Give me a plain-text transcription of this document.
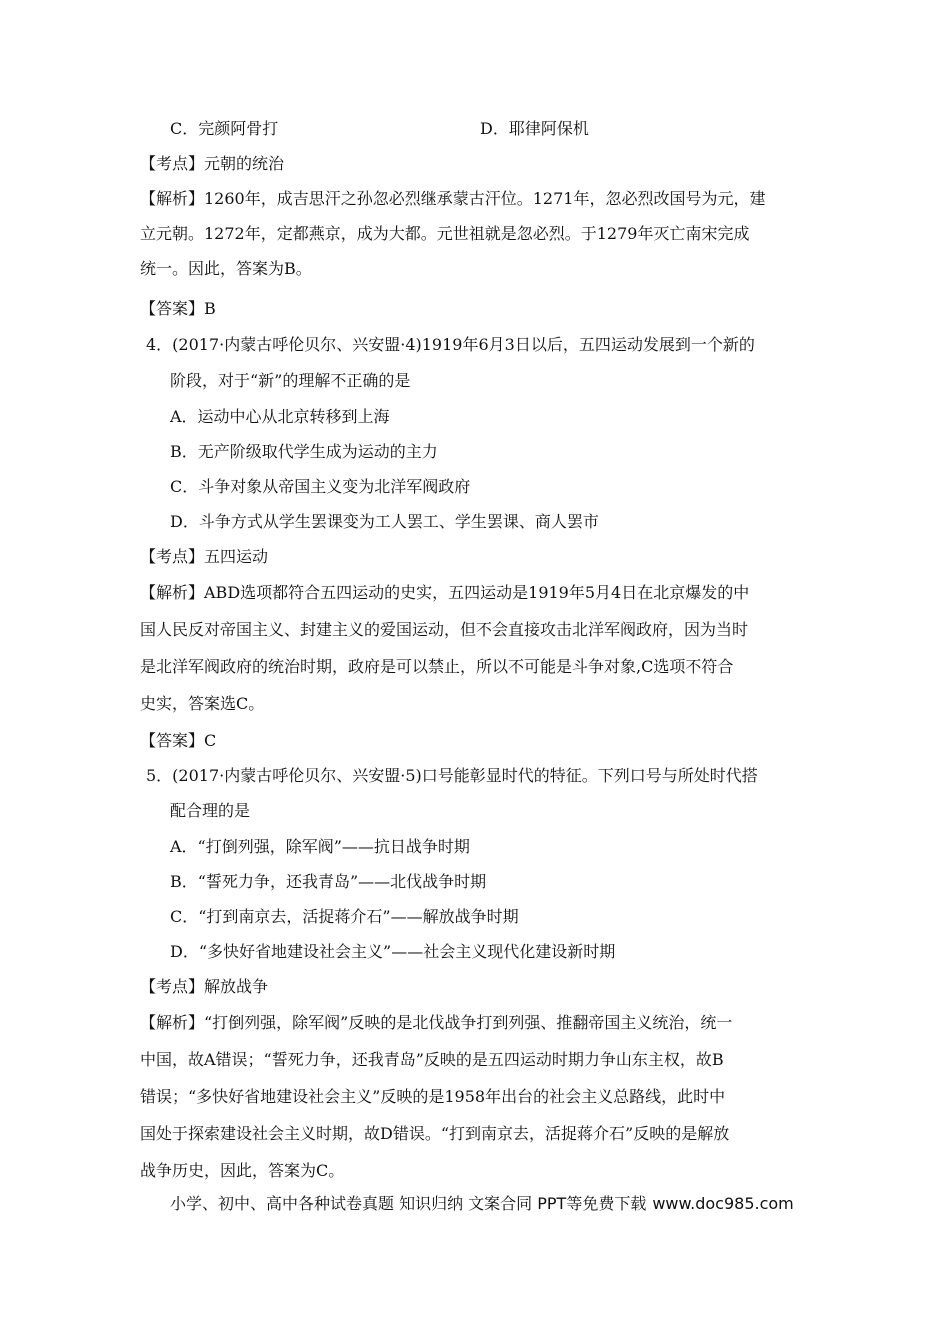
C．完颜阿骨打	D．耶律阿保机
【考点】元朝的统治
【解析】1260年，成吉思汗之孙忽必烈继承蒙古汗位。1271年，忽必烈改国号为元，建
立元朝。1272年，定都燕京，成为大都。元世祖就是忽必烈。于1279年灭亡南宋完成
统一。因此，答案为B。
【答案】B
4．(2017·内蒙古呼伦贝尔、兴安盟·4)1919年6月3日以后，五四运动发展到一个新的
阶段，对于“新”的理解不正确的是
A．运动中心从北京转移到上海
B．无产阶级取代学生成为运动的主力
C．斗争对象从帝国主义变为北洋军阀政府
D．斗争方式从学生罢课变为工人罢工、学生罢课、商人罢市
【考点】五四运动
【解析】ABD选项都符合五四运动的史实，五四运动是1919年5月4日在北京爆发的中
国人民反对帝国主义、封建主义的爱国运动，但不会直接攻击北洋军阀政府，因为当时
是北洋军阀政府的统治时期，政府是可以禁止，所以不可能是斗争对象,C选项不符合
史实，答案选C。
【答案】C
5．(2017·内蒙古呼伦贝尔、兴安盟·5)口号能彰显时代的特征。下列口号与所处时代搭
配合理的是
A．“打倒列强，除军阀”——抗日战争时期
B．“誓死力争，还我青岛”——北伐战争时期
C．“打到南京去，活捉蒋介石”——解放战争时期
D．“多快好省地建设社会主义”——社会主义现代化建设新时期
【考点】解放战争
【解析】“打倒列强，除军阀”反映的是北伐战争打到列强、推翻帝国主义统治，统一
中国，故A错误；“誓死力争，还我青岛”反映的是五四运动时期力争山东主权，故B
错误；“多快好省地建设社会主义”反映的是1958年出台的社会主义总路线，此时中
国处于探索建设社会主义时期，故D错误。“打到南京去，活捉蒋介石”反映的是解放
战争历史，因此，答案为C。
小学、初中、高中各种试卷真题 知识归纳 文案合同 PPT等免费下载 www.doc985.com
